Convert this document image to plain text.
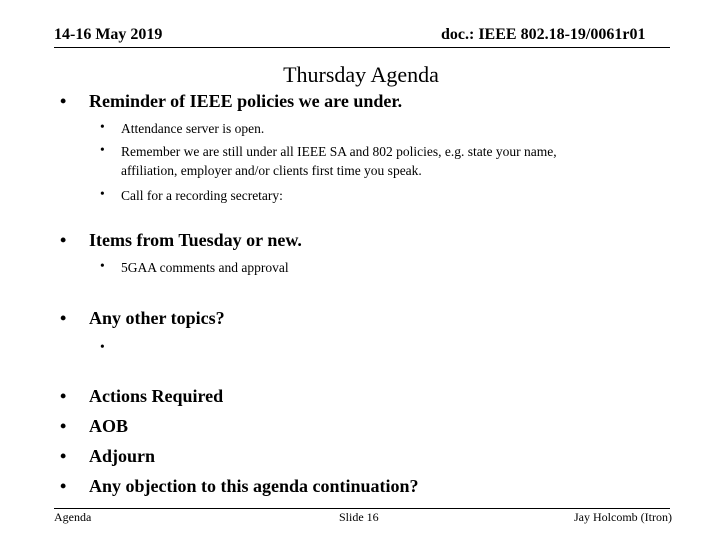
14-16 May 2019	doc.: IEEE 802.18-19/0061r01
Thursday Agenda
• Reminder of IEEE policies we are under.
• Attendance server is open.
• Remember we are still under all IEEE SA and 802 policies, e.g. state your name,
affiliation, employer and/or clients first time you speak.
• Call for a recording secretary:
• Items from Tuesday or new.
• 5GAA comments and approval
• Any other topics?
•
• Actions Required
• AOB
• Adjourn
• Any objection to this agenda continuation?
Agenda	Slide 16	Jay Holcomb (Itron)
